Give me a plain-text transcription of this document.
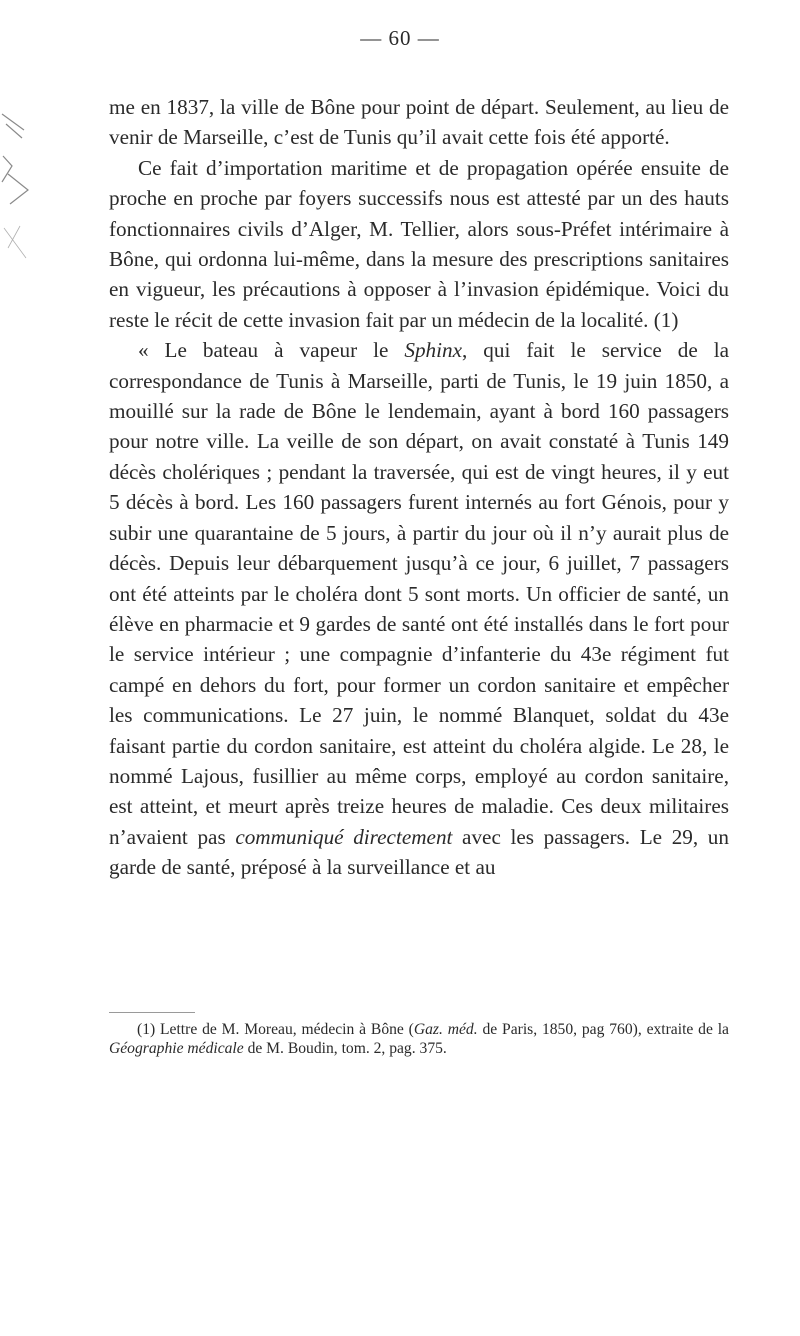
— 60 —

me en 1837, la ville de Bône pour point de départ. Seulement, au lieu de venir de Marseille, c’est de Tunis qu’il avait cette fois été apporté.

Ce fait d’importation maritime et de propagation opérée ensuite de proche en proche par foyers successifs nous est attesté par un des hauts fonctionnaires civils d’Alger, M. Tellier, alors sous-Préfet intérimaire à Bône, qui ordonna lui-même, dans la mesure des prescriptions sanitaires en vigueur, les précautions à opposer à l’invasion épidémique. Voici du reste le récit de cette invasion fait par un médecin de la localité. (1)

« Le bateau à vapeur le Sphinx, qui fait le service de la correspondance de Tunis à Marseille, parti de Tunis, le 19 juin 1850, a mouillé sur la rade de Bône le lendemain, ayant à bord 160 passagers pour notre ville. La veille de son départ, on avait constaté à Tunis 149 décès cholériques ; pendant la traversée, qui est de vingt heures, il y eut 5 décès à bord. Les 160 passagers furent internés au fort Génois, pour y subir une quarantaine de 5 jours, à partir du jour où il n’y aurait plus de décès. Depuis leur débarquement jusqu’à ce jour, 6 juillet, 7 passagers ont été atteints par le choléra dont 5 sont morts. Un officier de santé, un élève en pharmacie et 9 gardes de santé ont été installés dans le fort pour le service intérieur ; une compagnie d’infanterie du 43e régiment fut campé en dehors du fort, pour former un cordon sanitaire et empêcher les communications. Le 27 juin, le nommé Blanquet, soldat du 43e faisant partie du cordon sanitaire, est atteint du choléra algide. Le 28, le nommé Lajous, fusillier au même corps, employé au cordon sanitaire, est atteint, et meurt après treize heures de maladie. Ces deux militaires n’avaient pas communiqué directement avec les passagers. Le 29, un garde de santé, préposé à la surveillance et au

(1) Lettre de M. Moreau, médecin à Bône (Gaz. méd. de Paris, 1850, pag 760), extraite de la Géographie médicale de M. Boudin, tom. 2, pag. 375.
